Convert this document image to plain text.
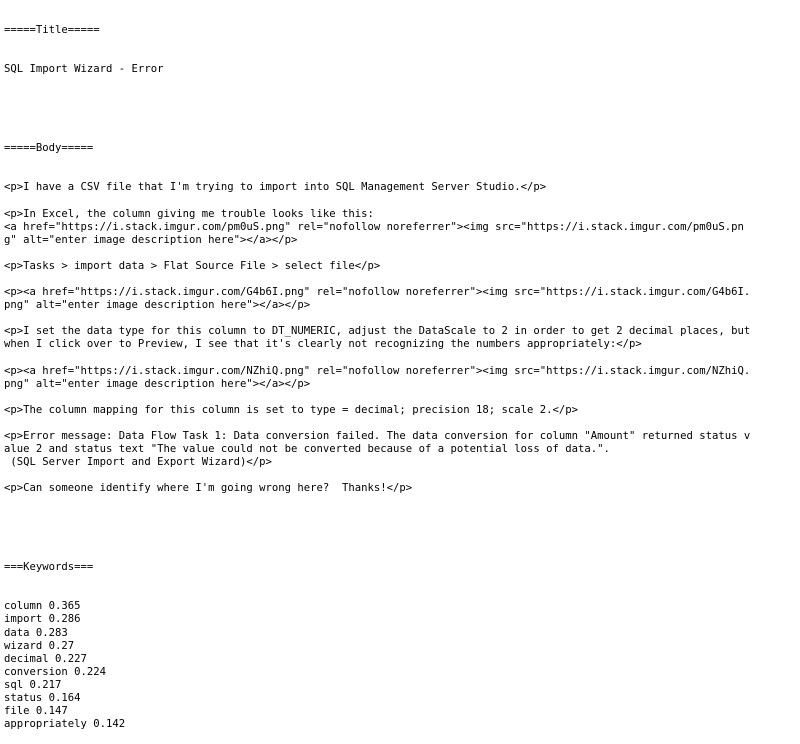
=====Title=====

SQL Import Wizard - Error

=====Body=====

<p>I have a CSV file that I'm trying to import into SQL Management Server Studio.</p>
<p>In Excel, the column giving me trouble looks like this:
<a href="https://i.stack.imgur.com/pm0uS.png" rel="nofollow noreferrer"><img src="https://i.stack.imgur.com/pm0uS.pn
g" alt="enter image description here"></a></p>
<p>Tasks > import data > Flat Source File > select file</p>
<p><a href="https://i.stack.imgur.com/G4b6I.png" rel="nofollow noreferrer"><img src="https://i.stack.imgur.com/G4b6I.
png" alt="enter image description here"></a></p>
<p>I set the data type for this column to DT_NUMERIC, adjust the DataScale to 2 in order to get 2 decimal places, but
when I click over to Preview, I see that it's clearly not recognizing the numbers appropriately:</p>
<p><a href="https://i.stack.imgur.com/NZhiQ.png" rel="nofollow noreferrer"><img src="https://i.stack.imgur.com/NZhiQ.
png" alt="enter image description here"></a></p>
<p>The column mapping for this column is set to type = decimal; precision 18; scale 2.</p>
<p>Error message: Data Flow Task 1: Data conversion failed. The data conversion for column "Amount" returned status v
alue 2 and status text "The value could not be converted because of a potential loss of data.".
(SQL Server Import and Export Wizard)</p>
<p>Can someone identify where I'm going wrong here?  Thanks!</p>

===Keywords===

column 0.365
import 0.286
data 0.283
wizard 0.27
decimal 0.227
conversion 0.224
sql 0.217
status 0.164
file 0.147
appropriately 0.142
